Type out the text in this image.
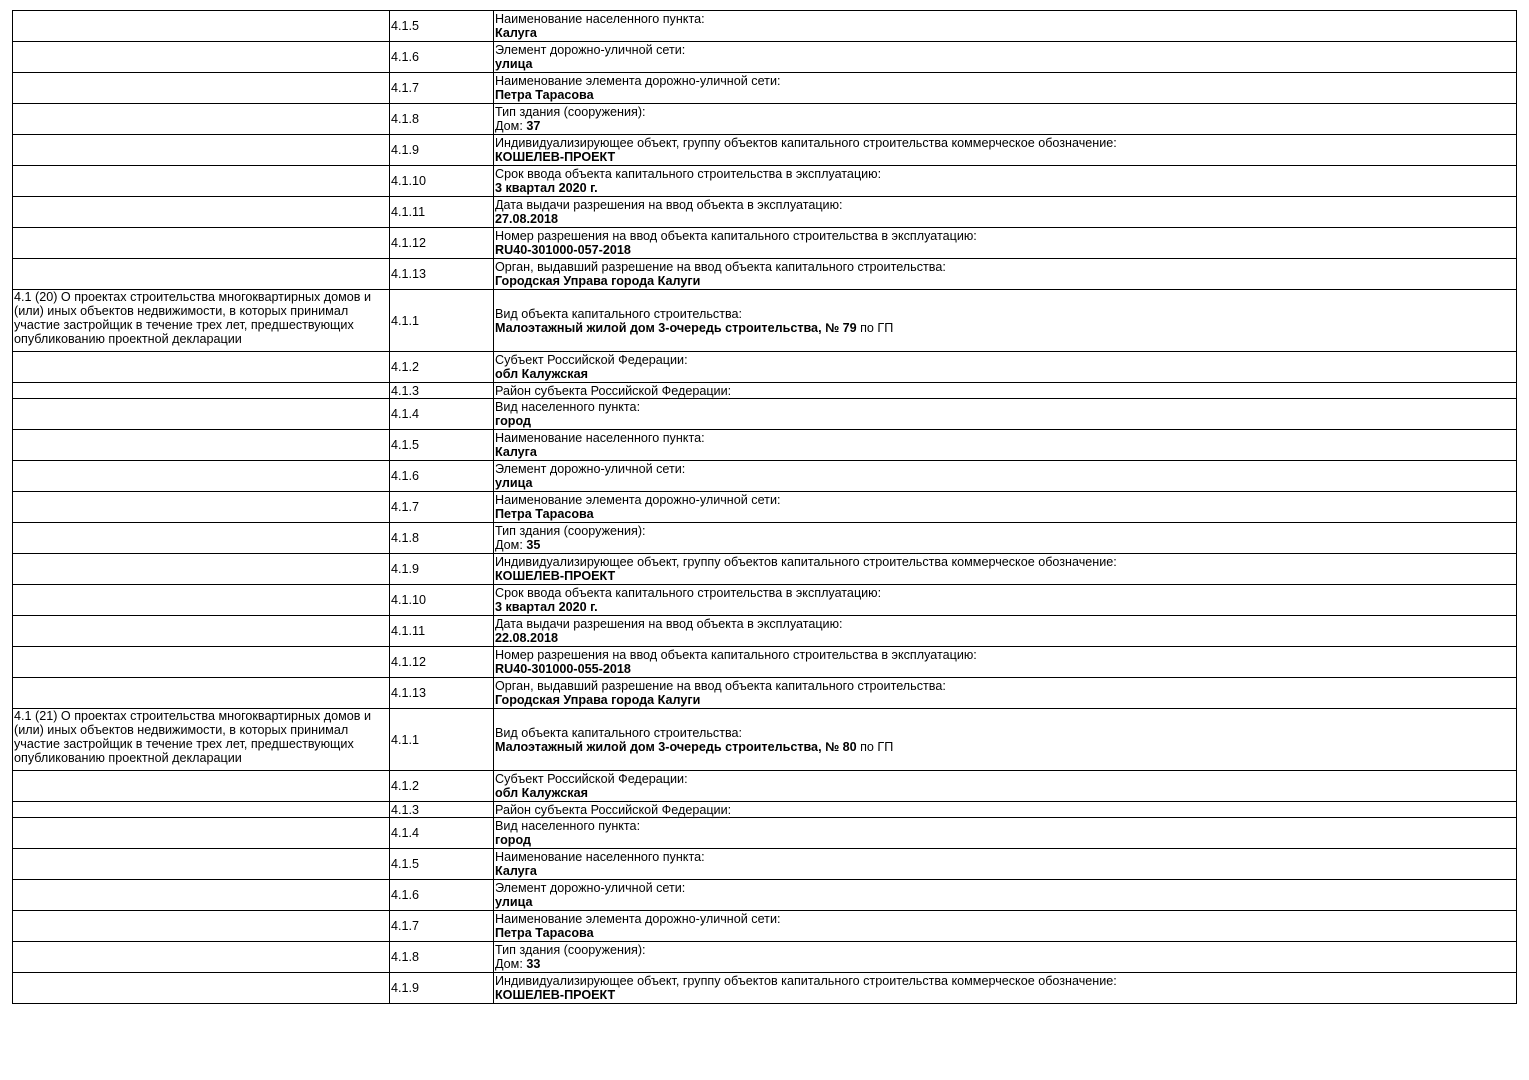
	4.1.5	Наименование населенного пункта:
Калуга

	4.1.6	Элемент дорожно-уличной сети:
улица

	4.1.7	Наименование элемента дорожно-уличной сети:
Петра Тарасова

	4.1.8	Тип здания (сооружения):
Дом: 37

	4.1.9	Индивидуализирующее объект, группу объектов капитального строительства коммерческое обозначение:
КОШЕЛЕВ-ПРОЕКТ

	4.1.10	Срок ввода объекта капитального строительства в эксплуатацию:
3 квартал 2020 г.

	4.1.11	Дата выдачи разрешения на ввод объекта в эксплуатацию:
27.08.2018

	4.1.12	Номер разрешения на ввод объекта капитального строительства в эксплуатацию:
RU40-301000-057-2018

	4.1.13	Орган, выдавший разрешение на ввод объекта капитального строительства:
Городская Управа города Калуги

4.1 (20) О проектах строительства многоквартирных домов и (или) иных объектов недвижимости, в которых принимал участие застройщик в течение трех лет, предшествующих опубликованию проектной декларации	4.1.1	Вид объекта капитального строительства:
Малоэтажный жилой дом 3-очередь строительства, № 79 по ГП

	4.1.2	Субъект Российской Федерации:
обл Калужская

	4.1.3	Район субъекта Российской Федерации:

	4.1.4	Вид населенного пункта:
город

	4.1.5	Наименование населенного пункта:
Калуга

	4.1.6	Элемент дорожно-уличной сети:
улица

	4.1.7	Наименование элемента дорожно-уличной сети:
Петра Тарасова

	4.1.8	Тип здания (сооружения):
Дом: 35

	4.1.9	Индивидуализирующее объект, группу объектов капитального строительства коммерческое обозначение:
КОШЕЛЕВ-ПРОЕКТ

	4.1.10	Срок ввода объекта капитального строительства в эксплуатацию:
3 квартал 2020 г.

	4.1.11	Дата выдачи разрешения на ввод объекта в эксплуатацию:
22.08.2018

	4.1.12	Номер разрешения на ввод объекта капитального строительства в эксплуатацию:
RU40-301000-055-2018

	4.1.13	Орган, выдавший разрешение на ввод объекта капитального строительства:
Городская Управа города Калуги

4.1 (21) О проектах строительства многоквартирных домов и (или) иных объектов недвижимости, в которых принимал участие застройщик в течение трех лет, предшествующих опубликованию проектной декларации	4.1.1	Вид объекта капитального строительства:
Малоэтажный жилой дом 3-очередь строительства, № 80 по ГП

	4.1.2	Субъект Российской Федерации:
обл Калужская

	4.1.3	Район субъекта Российской Федерации:

	4.1.4	Вид населенного пункта:
город

	4.1.5	Наименование населенного пункта:
Калуга

	4.1.6	Элемент дорожно-уличной сети:
улица

	4.1.7	Наименование элемента дорожно-уличной сети:
Петра Тарасова

	4.1.8	Тип здания (сооружения):
Дом: 33

	4.1.9	Индивидуализирующее объект, группу объектов капитального строительства коммерческое обозначение:
КОШЕЛЕВ-ПРОЕКТ
